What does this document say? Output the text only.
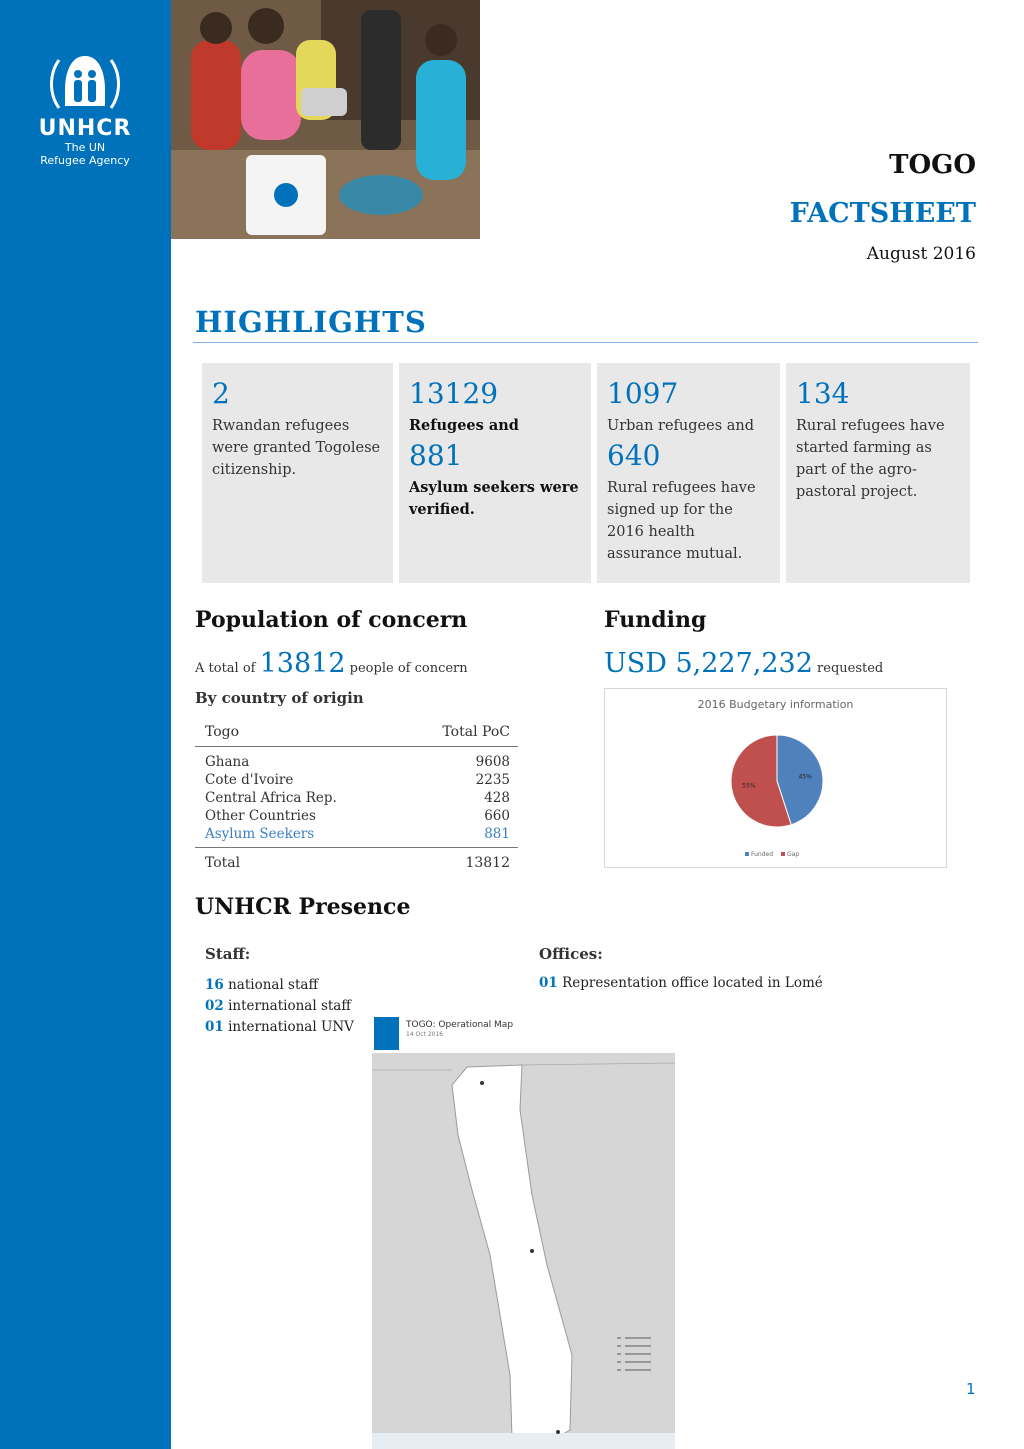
UNHCR
The UN
Refugee Agency	TOGO
FACTSHEET
August 2016
HIGHLIGHTS
2
Rwandan refugees were granted Togolese citizenship.
13129
Refugees and
881
Asylum seekers were verified.
1097
Urban refugees and
640
Rural refugees have signed up for the 2016 health assurance mutual.
134
Rural refugees have started farming as part of the agro-pastoral project.
Population of concern
A total of 13812 people of concern
By country of origin
Togo	Total PoC
Ghana	9608
Cote d'Ivoire	2235
Central Africa Rep.	428
Other Countries	660
Asylum Seekers	881
Total	13812
Funding
USD 5,227,232 requested
2016 Budgetary information
45%
55%
Funded Gap
UNHCR Presence
Staff:	Offices:
16 national staff
02 international staff
01 international UNV
01 Representation office located in Lomé
TOGO: Operational Map
14 Oct 2016
1
